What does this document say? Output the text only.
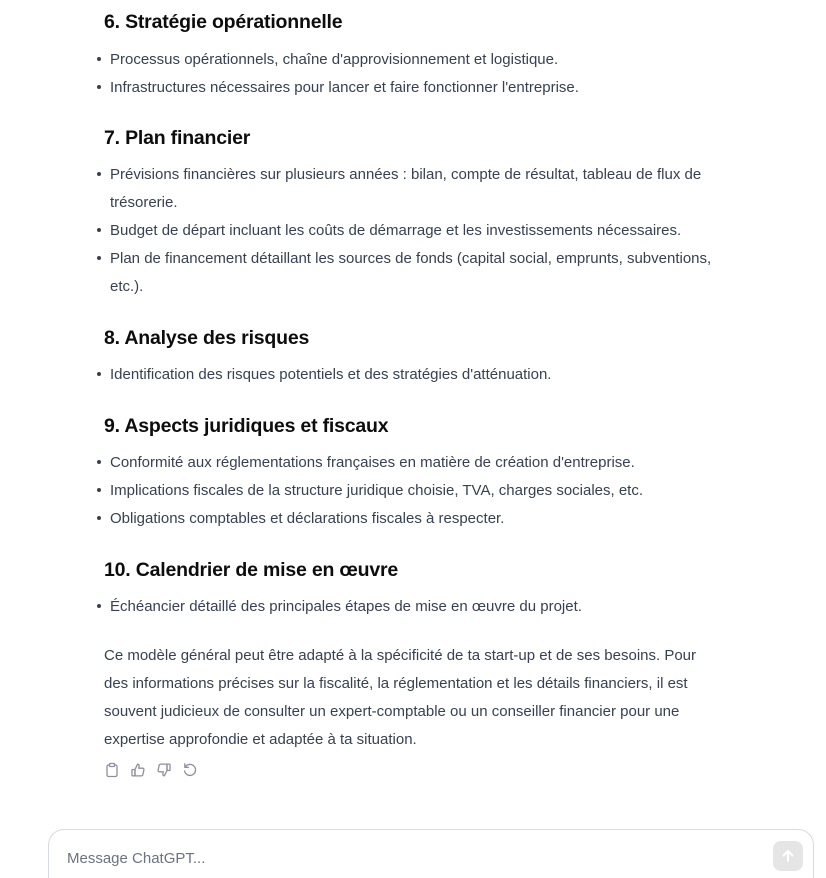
6. Stratégie opérationnelle
Processus opérationnels, chaîne d'approvisionnement et logistique.
Infrastructures nécessaires pour lancer et faire fonctionner l'entreprise.
7. Plan financier
Prévisions financières sur plusieurs années : bilan, compte de résultat, tableau de flux de trésorerie.
Budget de départ incluant les coûts de démarrage et les investissements nécessaires.
Plan de financement détaillant les sources de fonds (capital social, emprunts, subventions, etc.).
8. Analyse des risques
Identification des risques potentiels et des stratégies d'atténuation.
9. Aspects juridiques et fiscaux
Conformité aux réglementations françaises en matière de création d'entreprise.
Implications fiscales de la structure juridique choisie, TVA, charges sociales, etc.
Obligations comptables et déclarations fiscales à respecter.
10. Calendrier de mise en œuvre
Échéancier détaillé des principales étapes de mise en œuvre du projet.

Ce modèle général peut être adapté à la spécificité de ta start-up et de ses besoins. Pour des informations précises sur la fiscalité, la réglementation et les détails financiers, il est souvent judicieux de consulter un expert-comptable ou un conseiller financier pour une expertise approfondie et adaptée à ta situation.

Message ChatGPT...
